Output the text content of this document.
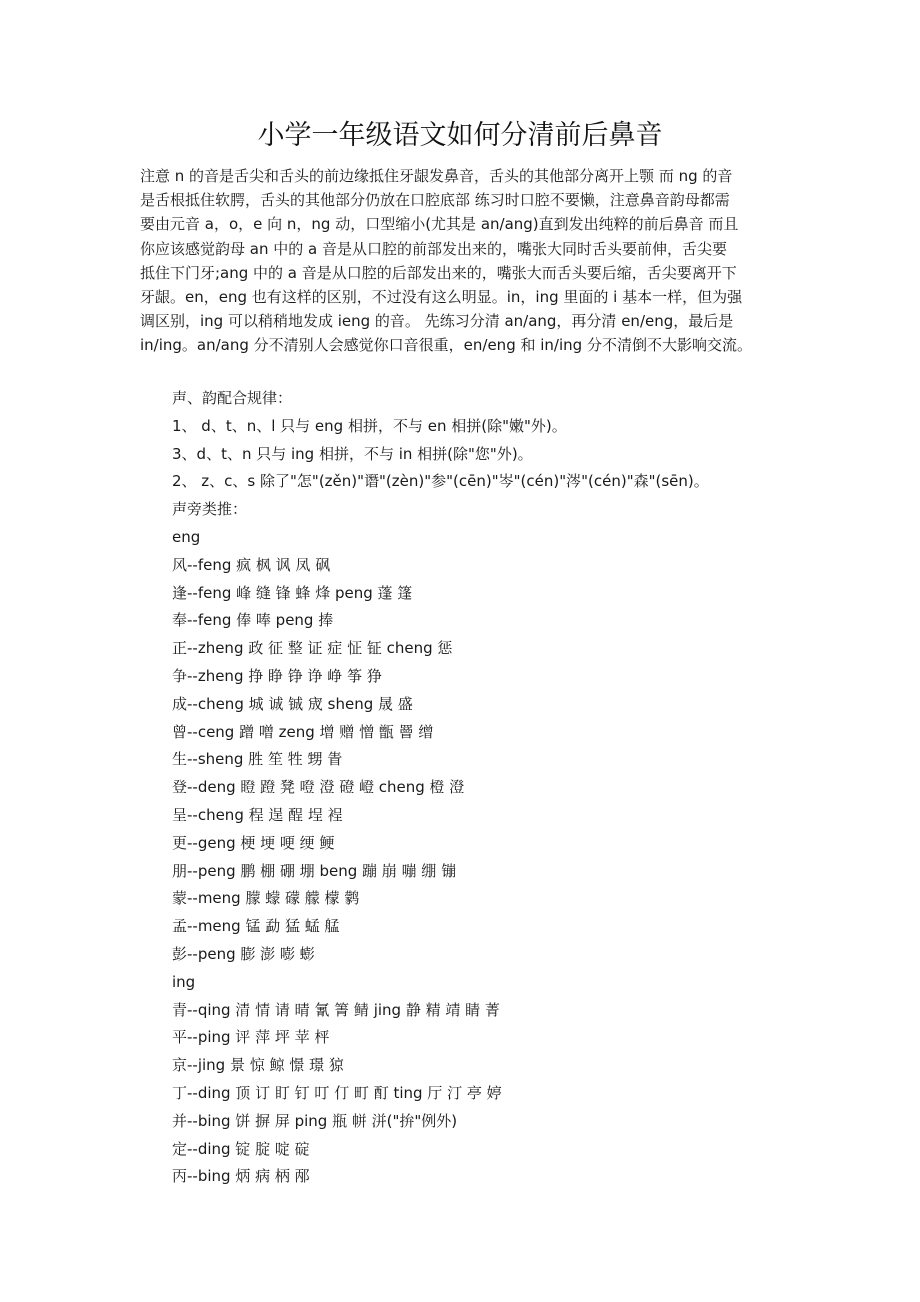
小学一年级语文如何分清前后鼻音
注意 n 的音是舌尖和舌头的前边缘抵住牙龈发鼻音，舌头的其他部分离开上颚 而 ng 的音
是舌根抵住软腭，舌头的其他部分仍放在口腔底部 练习时口腔不要懒，注意鼻音韵母都需
要由元音 a，o，e 向 n，ng 动，口型缩小(尤其是 an/ang)直到发出纯粹的前后鼻音 而且
你应该感觉韵母 an 中的 a 音是从口腔的前部发出来的，嘴张大同时舌头要前伸，舌尖要
抵住下门牙;ang 中的 a 音是从口腔的后部发出来的，嘴张大而舌头要后缩，舌尖要离开下
牙龈。en，eng 也有这样的区别，不过没有这么明显。in，ing 里面的 i 基本一样，但为强
调区别，ing 可以稍稍地发成 ieng 的音。 先练习分清 an/ang，再分清 en/eng，最后是
in/ing。an/ang 分不清别人会感觉你口音很重，en/eng 和 in/ing 分不清倒不大影响交流。
声、韵配合规律：
1、 d、t、n、l 只与 eng 相拼，不与 en 相拼(除"嫩"外)。
3、d、t、n 只与 ing 相拼，不与 in 相拼(除"您"外)。
2、 z、c、s 除了"怎"(zěn)"谮"(zèn)"参"(cēn)"岑"(cén)"涔"(cén)"森"(sēn)。
声旁类推：
eng
风--feng 疯 枫 讽 凤 砜
逢--feng 峰 缝 锋 蜂 烽 peng 蓬 篷
奉--feng 俸 唪 peng 捧
正--zheng 政 征 整 证 症 怔 钲 cheng 惩
争--zheng 挣 睁 铮 诤 峥 筝 狰
成--cheng 城 诚 铖 宬 sheng 晟 盛
曾--ceng 蹭 噌 zeng 增 赠 憎 甑 罾 缯
生--sheng 胜 笙 牲 甥 眚
登--deng 瞪 蹬 凳 噔 澄 磴 嶝 cheng 橙 澄
呈--cheng 程 逞 酲 埕 裎
更--geng 梗 埂 哽 绠 鲠
朋--peng 鹏 棚 硼 堋 beng 蹦 崩 嘣 绷 镚
蒙--meng 朦 蠓 礞 艨 檬 鹲
孟--meng 锰 勐 猛 蜢 艋
彭--peng 膨 澎 嘭 蟛
ing
青--qing 清 情 请 晴 氰 箐 鲭 jing 静 精 靖 睛 菁
平--ping 评 萍 坪 苹 枰
京--jing 景 惊 鲸 憬 璟 猄
丁--ding 顶 订 盯 钉 叮 仃 町 酊 ting 厅 汀 亭 婷
并--bing 饼 摒 屏 ping 瓶 帡 洴("拚"例外)
定--ding 锭 腚 啶 碇
丙--bing 炳 病 柄 邴
